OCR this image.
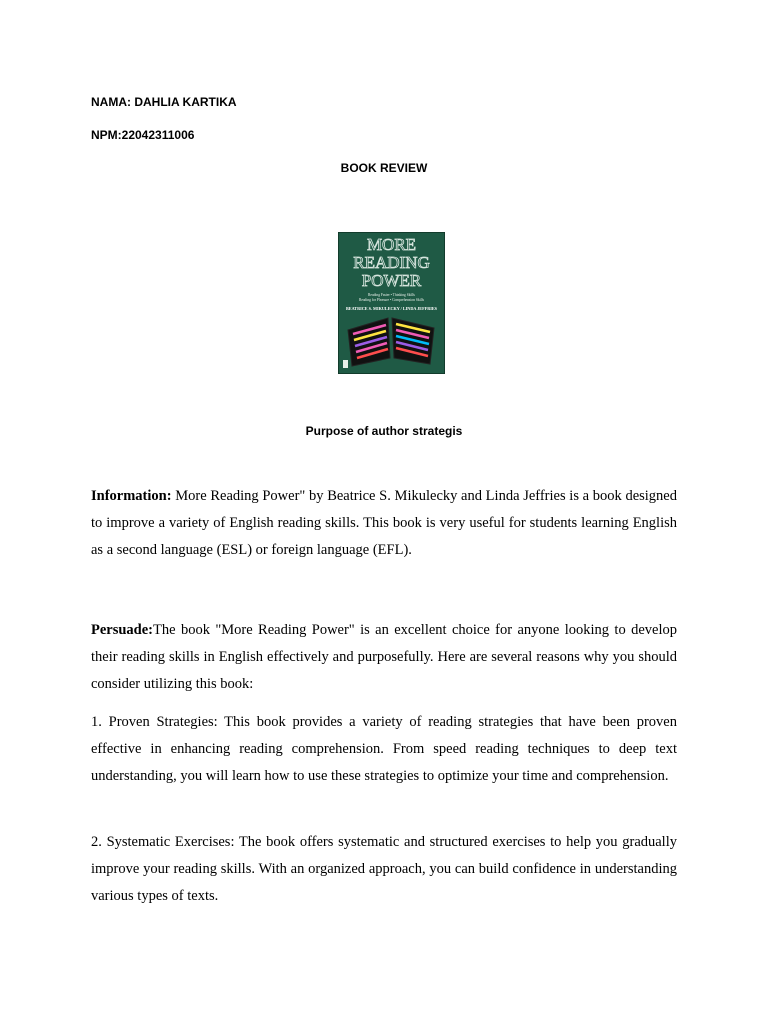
NAMA: DAHLIA KARTIKA
NPM:22042311006
BOOK REVIEW
MORE
READING
POWER
Reading Faster • Thinking Skills
Reading for Pleasure • Comprehension Skills
BEATRICE S. MIKULECKY / LINDA JEFFRIES
Purpose of author strategis

Information: More Reading Power" by Beatrice S. Mikulecky and Linda Jeffries is a book designed to improve a variety of English reading skills. This book is very useful for students learning English as a second language (ESL) or foreign language (EFL).

Persuade:The book "More Reading Power" is an excellent choice for anyone looking to develop their reading skills in English effectively and purposefully. Here are several reasons why you should consider utilizing this book:

1. Proven Strategies: This book provides a variety of reading strategies that have been proven effective in enhancing reading comprehension. From speed reading techniques to deep text understanding, you will learn how to use these strategies to optimize your time and comprehension.

2. Systematic Exercises: The book offers systematic and structured exercises to help you gradually improve your reading skills. With an organized approach, you can build confidence in understanding various types of texts.
